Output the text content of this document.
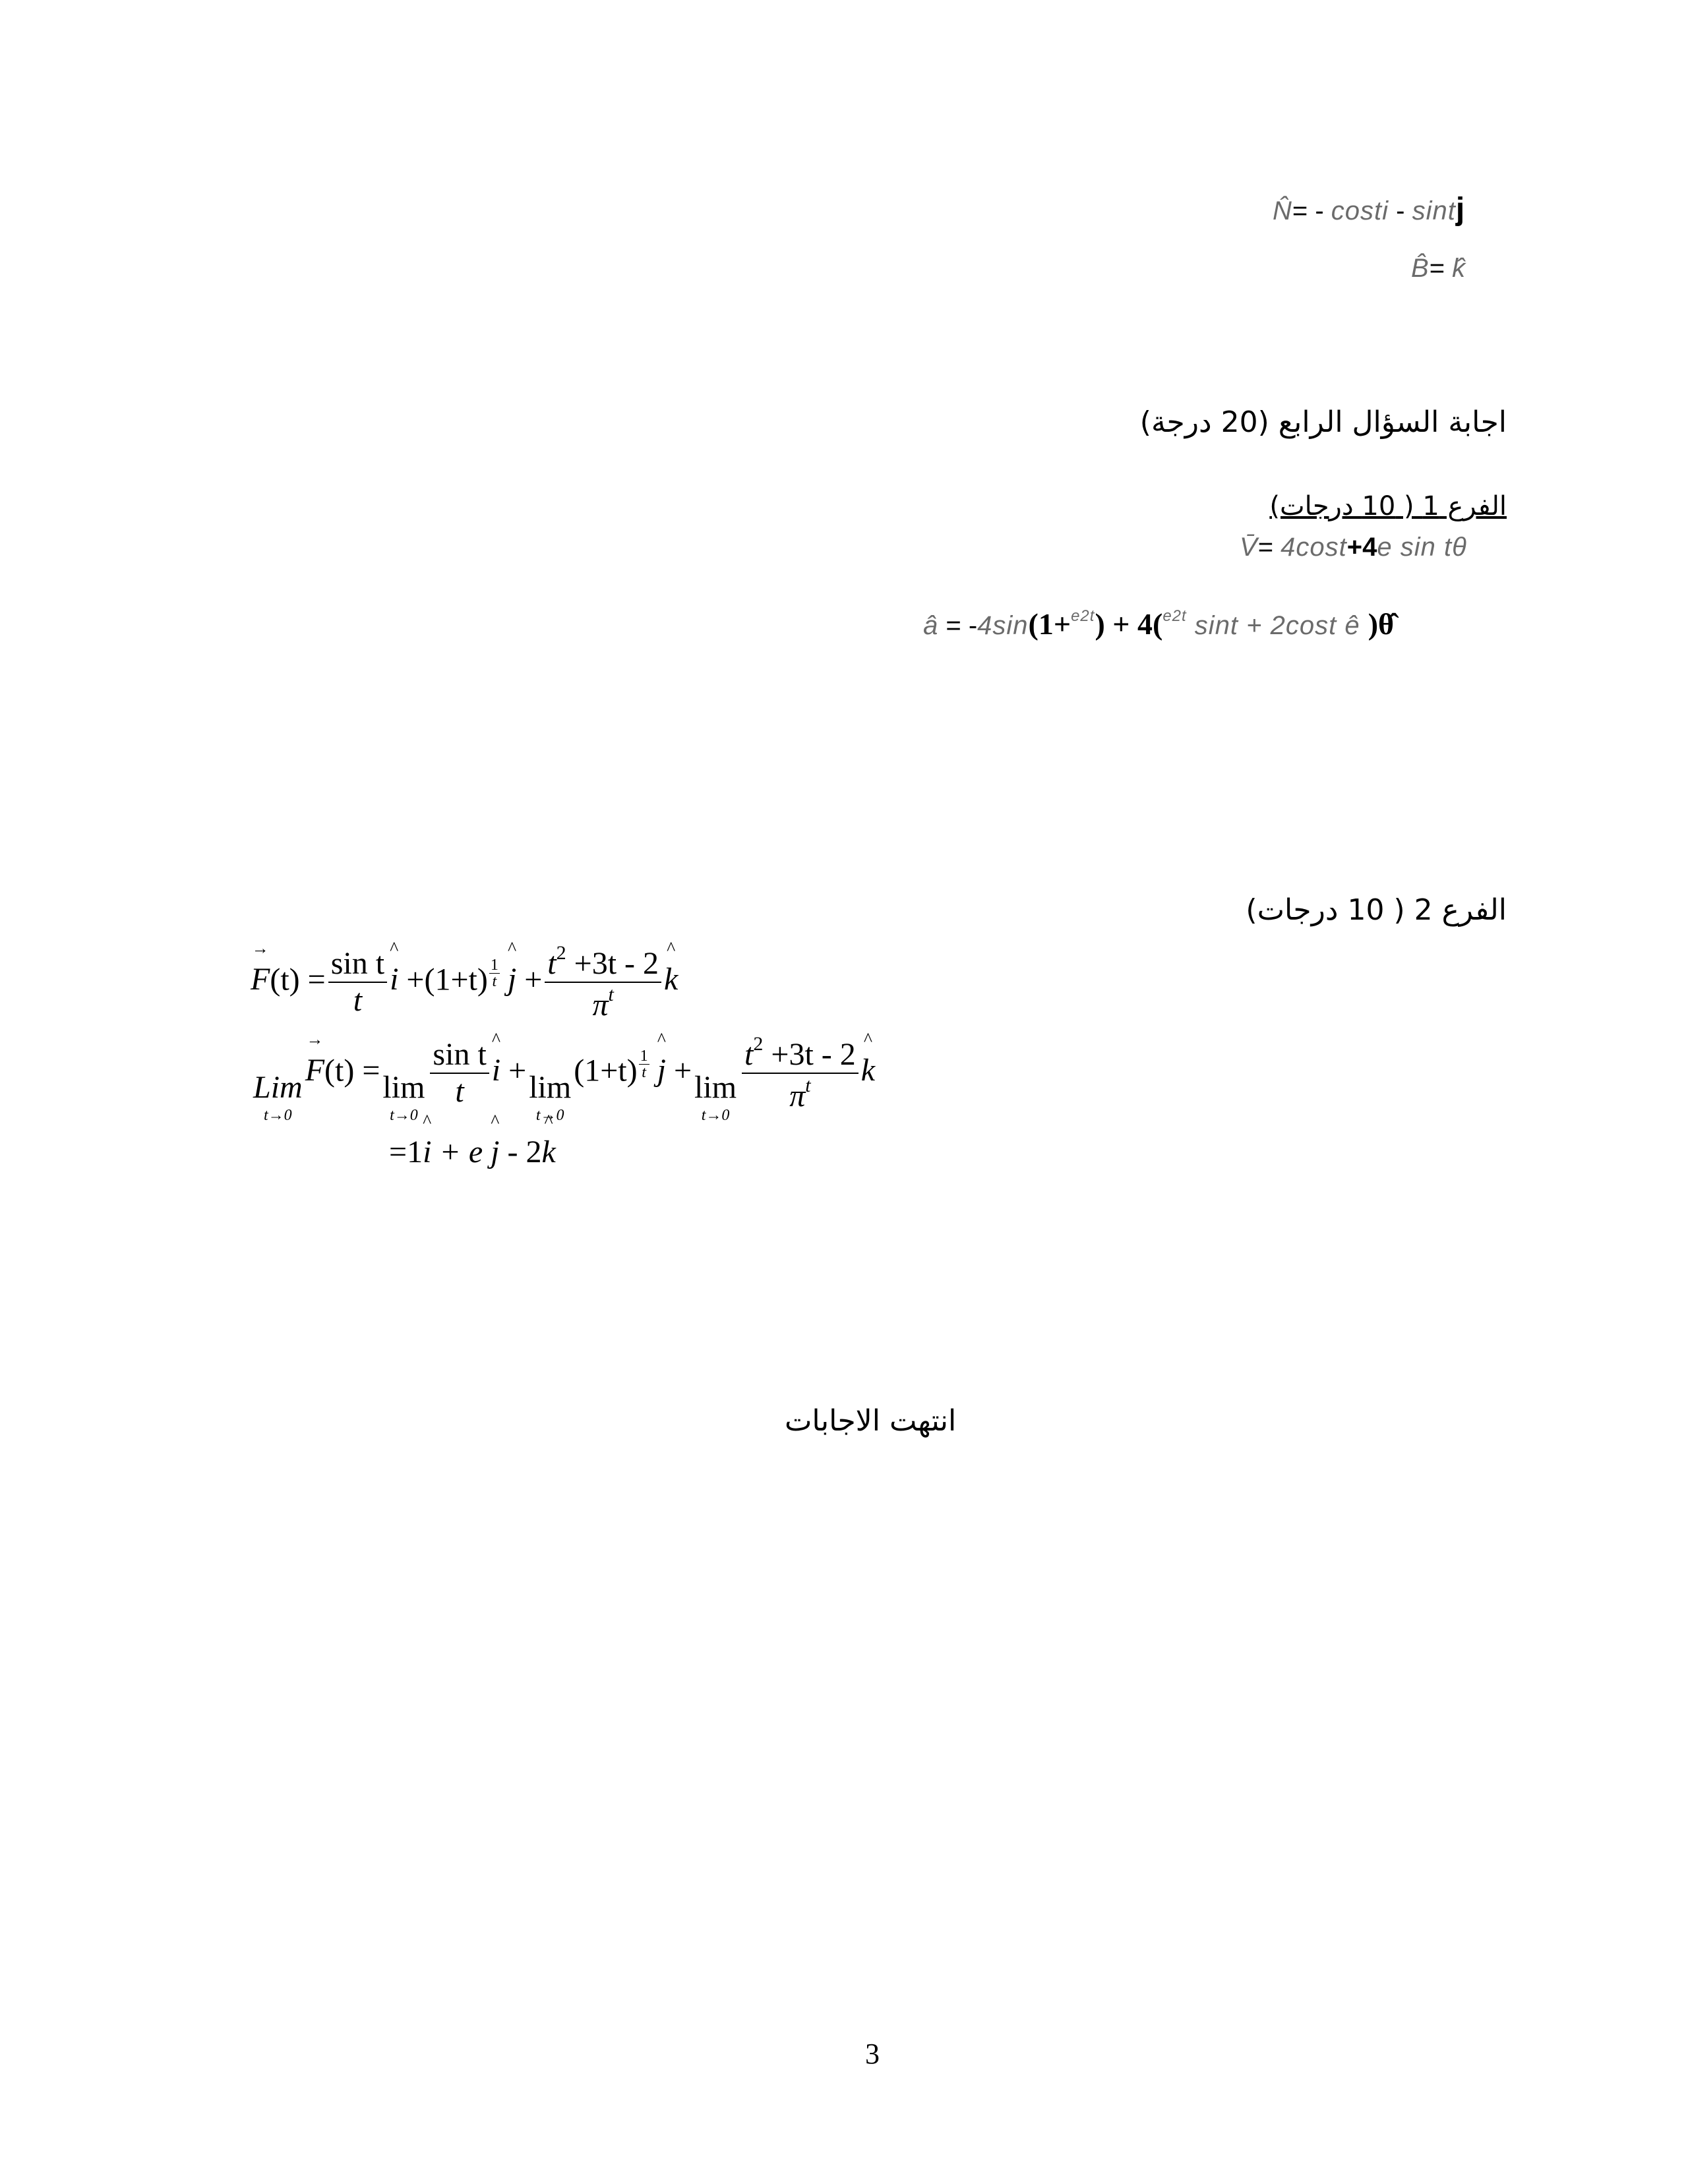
N̂= - costi - sintj
B̂= k̂
اجابة السؤال الرابع (20 درجة)
الفرع 1 ( 10 درجات)
V̄= 4cost+4e sin tθ
â = -4sin(1+$^{e2t}$) + 4($^{e2t}$ sint + 2cost ê )θ̂
الفرع 2 ( 10 درجات)
→ $F(t) = \frac{\text{sin t}}{t}$ ^ $i +(1+t) \frac{1}{t}$ ^ $j + \frac{t^2 +3t - 2}{\pi^t}$ ^ k
Lim
t→0
→ F(t) = lim
t→0
$\frac{\text{sin t}}{t}$ ^ i + lim
t→0
$(1+t) \frac{1}{t}$ ^ j + lim
t→0
$\frac{t^2 +3t - 2}{\pi^t}$ ^ k
=1^ i + e ^ j - 2^ k
انتهت الاجابات
3
